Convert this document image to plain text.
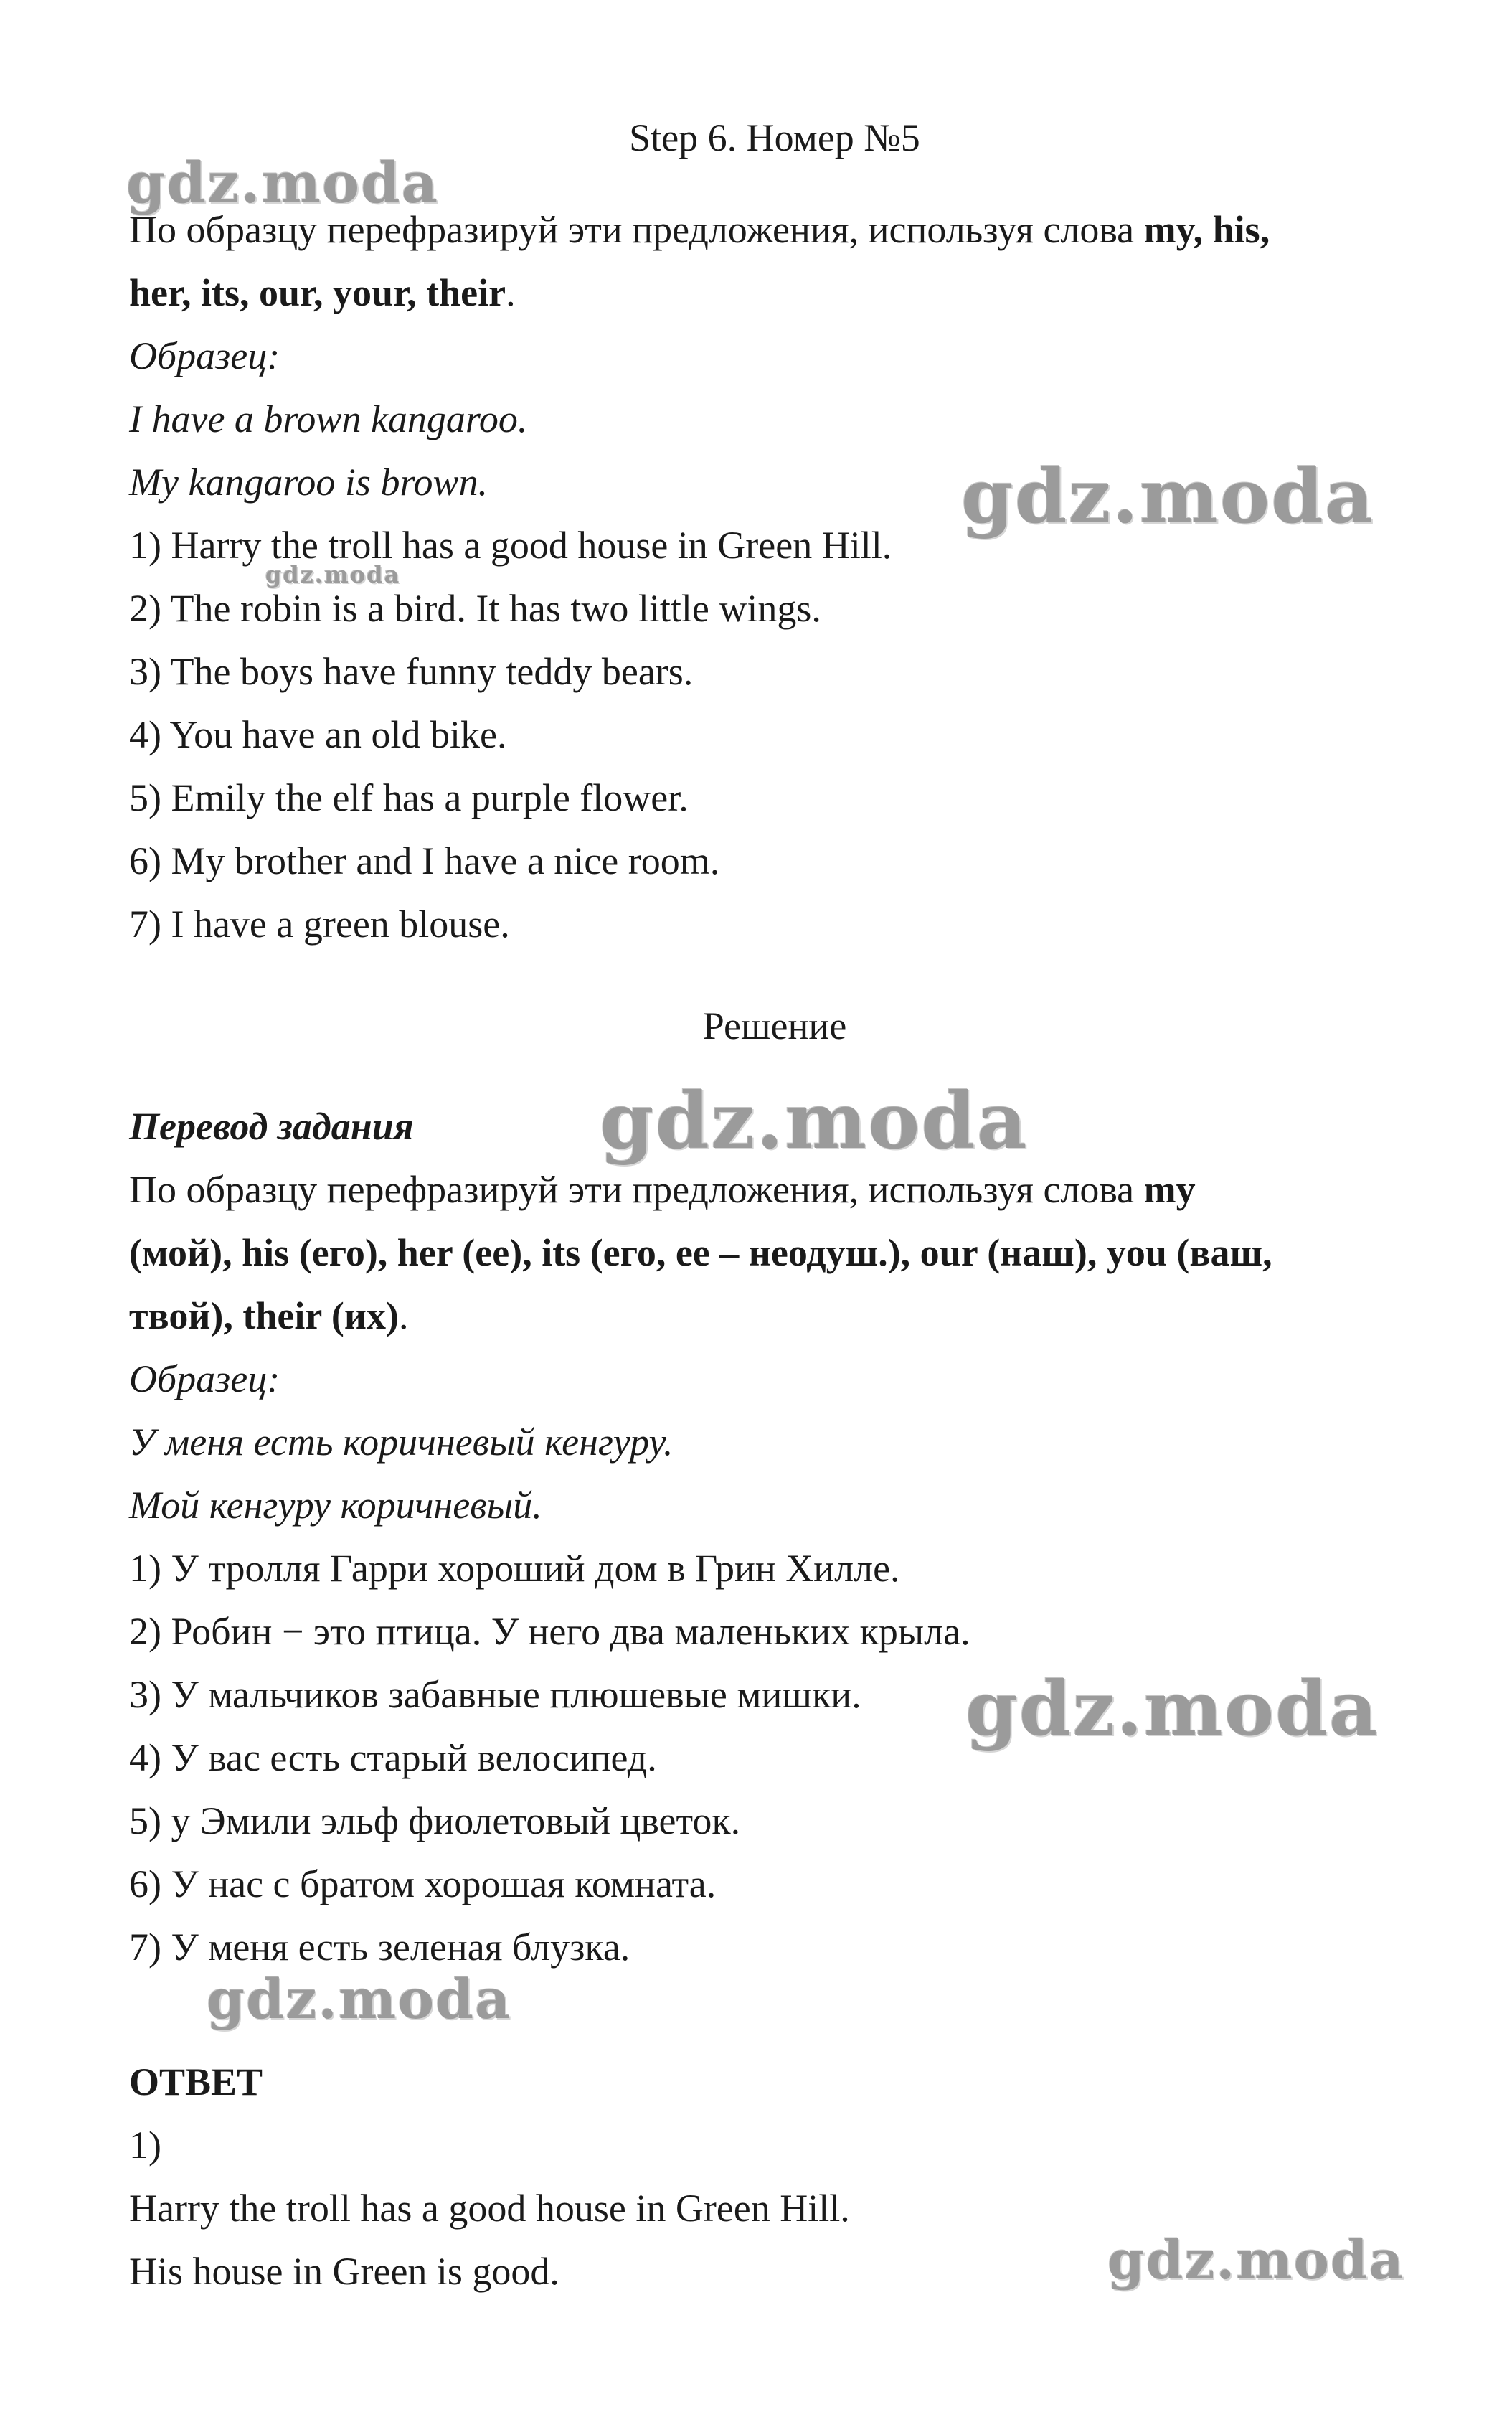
Step 6. Номер №5
По образцу перефразируй эти предложения, используя слова my, his,
her, its, our, your, their.
Образец:
I have a brown kangaroo.
My kangaroo is brown.
1) Harry the troll has a good house in Green Hill.
2) The robin is a bird. It has two little wings.
3) The boys have funny teddy bears.
4) You have an old bike.
5) Emily the elf has a purple flower.
6) My brother and I have a nice room.
7) I have a green blouse.
Решение
Перевод задания
По образцу перефразируй эти предложения, используя слова my
(мой), his (его), her (ее), its (его, ее – неодуш.), our (наш), you (ваш,
твой), their (их).
Образец:
У меня есть коричневый кенгуру.
Мой кенгуру коричневый.
1) У тролля Гарри хороший дом в Грин Хилле.
2) Робин − это птица. У него два маленьких крыла.
3) У мальчиков забавные плюшевые мишки.
4) У вас есть старый велосипед.
5) у Эмили эльф фиолетовый цветок.
6) У нас с братом хорошая комната.
7) У меня есть зеленая блузка.
ОТВЕТ
1)
Harry the troll has a good house in Green Hill.
His house in Green is good.
gdz.moda
gdz.moda
gdz.moda
gdz.moda
gdz.moda
gdz.moda
gdz.moda
